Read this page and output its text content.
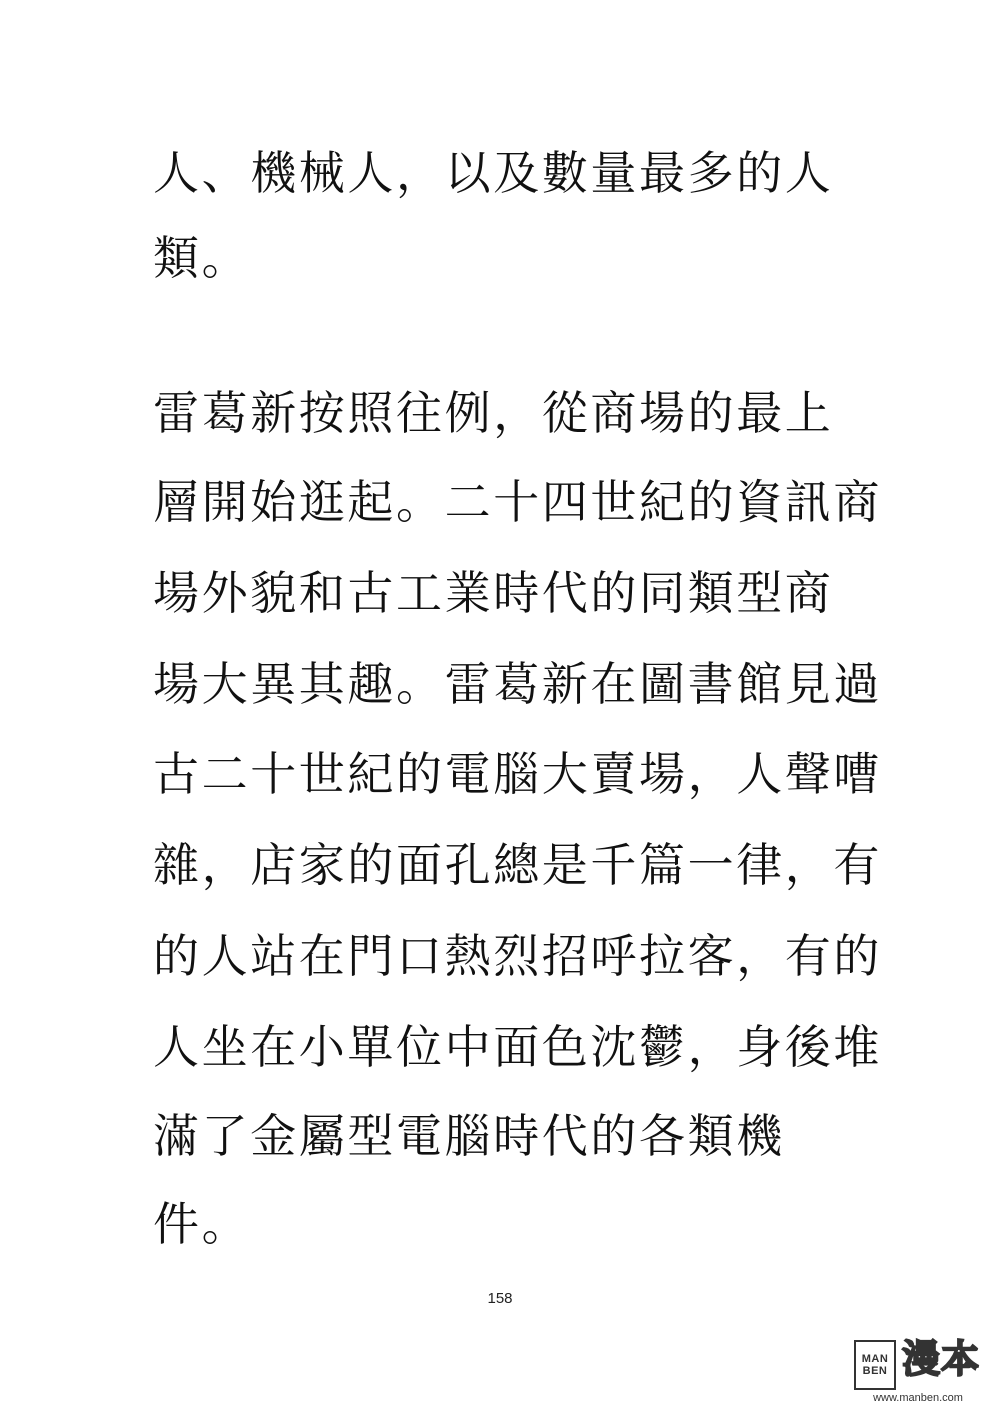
人、機械人，以及數量最多的人
類。
雷葛新按照往例，從商場的最上
層開始逛起。二十四世紀的資訊商
場外貌和古工業時代的同類型商
場大異其趣。雷葛新在圖書館見過
古二十世紀的電腦大賣場，人聲嘈
雜，店家的面孔總是千篇一律，有
的人站在門口熱烈招呼拉客，有的
人坐在小單位中面色沈鬱，身後堆
滿了金屬型電腦時代的各類機
件。
158
MAN
BEN 漫本
www.manben.com
